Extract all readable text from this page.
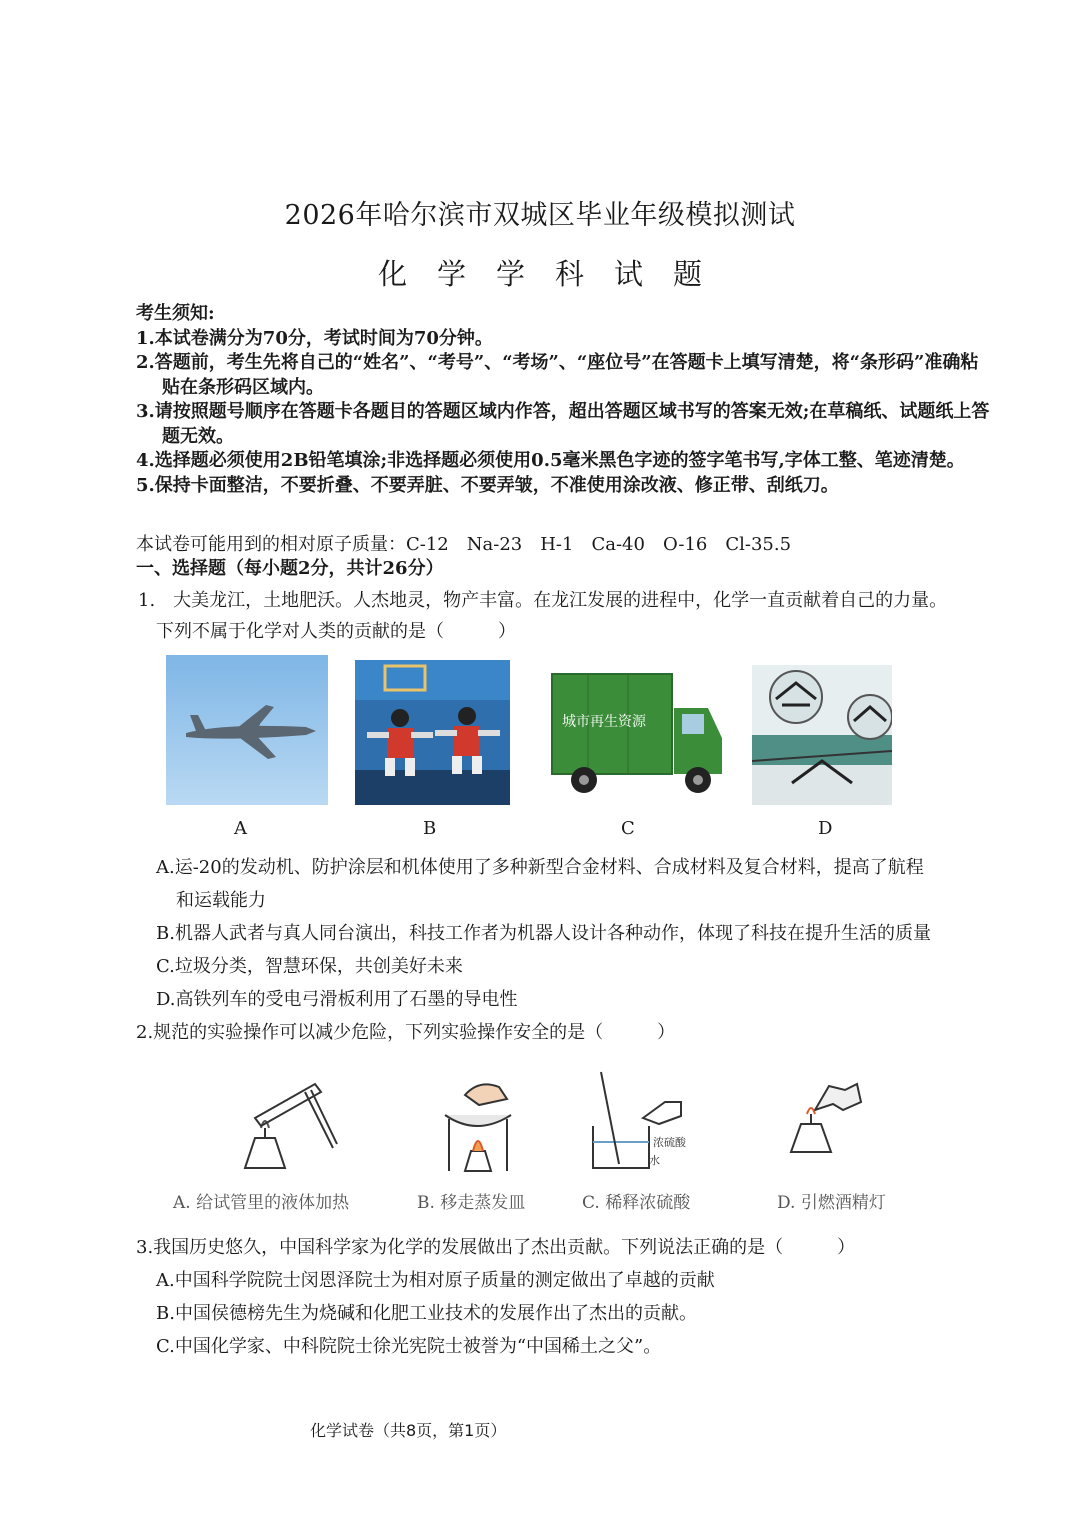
2026年哈尔滨市双城区毕业年级模拟测试
化学学科试题
考生须知:
1.本试卷满分为70分，考试时间为70分钟。
2.答题前，考生先将自己的“姓名”、“考号”、“考场”、“座位号”在答题卡上填写清楚，将“条形码”准确粘贴在条形码区域内。
3.请按照题号顺序在答题卡各题目的答题区域内作答，超出答题区域书写的答案无效;在草稿纸、试题纸上答题无效。
4.选择题必须使用2B铅笔填涂;非选择题必须使用0.5毫米黑色字迹的签字笔书写,字体工整、笔迹清楚。
5.保持卡面整洁，不要折叠、不要弄脏、不要弄皱，不准使用涂改液、修正带、刮纸刀。
本试卷可能用到的相对原子质量：C-12　Na-23　H-1　Ca-40　O-16　Cl-35.5
一、选择题（每小题2分，共计26分）
1.　大美龙江，土地肥沃。人杰地灵，物产丰富。在龙江发展的进程中，化学一直贡献着自己的力量。
下列不属于化学对人类的贡献的是（　　　）
城市再生资源
A	B	C	D
A.运-20的发动机、防护涂层和机体使用了多种新型合金材料、合成材料及复合材料，提高了航程
和运载能力
B.机器人武者与真人同台演出，科技工作者为机器人设计各种动作，体现了科技在提升生活的质量
C.垃圾分类，智慧环保，共创美好未来
D.高铁列车的受电弓滑板利用了石墨的导电性
2.规范的实验操作可以减少危险，下列实验操作安全的是（　　　）
浓硫酸
水
A. 给试管里的液体加热	B. 移走蒸发皿	C. 稀释浓硫酸	D. 引燃酒精灯
3.我国历史悠久，中国科学家为化学的发展做出了杰出贡献。下列说法正确的是（　　　）
A.中国科学院院士闵恩泽院士为相对原子质量的测定做出了卓越的贡献
B.中国侯德榜先生为烧碱和化肥工业技术的发展作出了杰出的贡献。
C.中国化学家、中科院院士徐光宪院士被誉为“中国稀土之父”。
化学试卷（共8页，第1页）
